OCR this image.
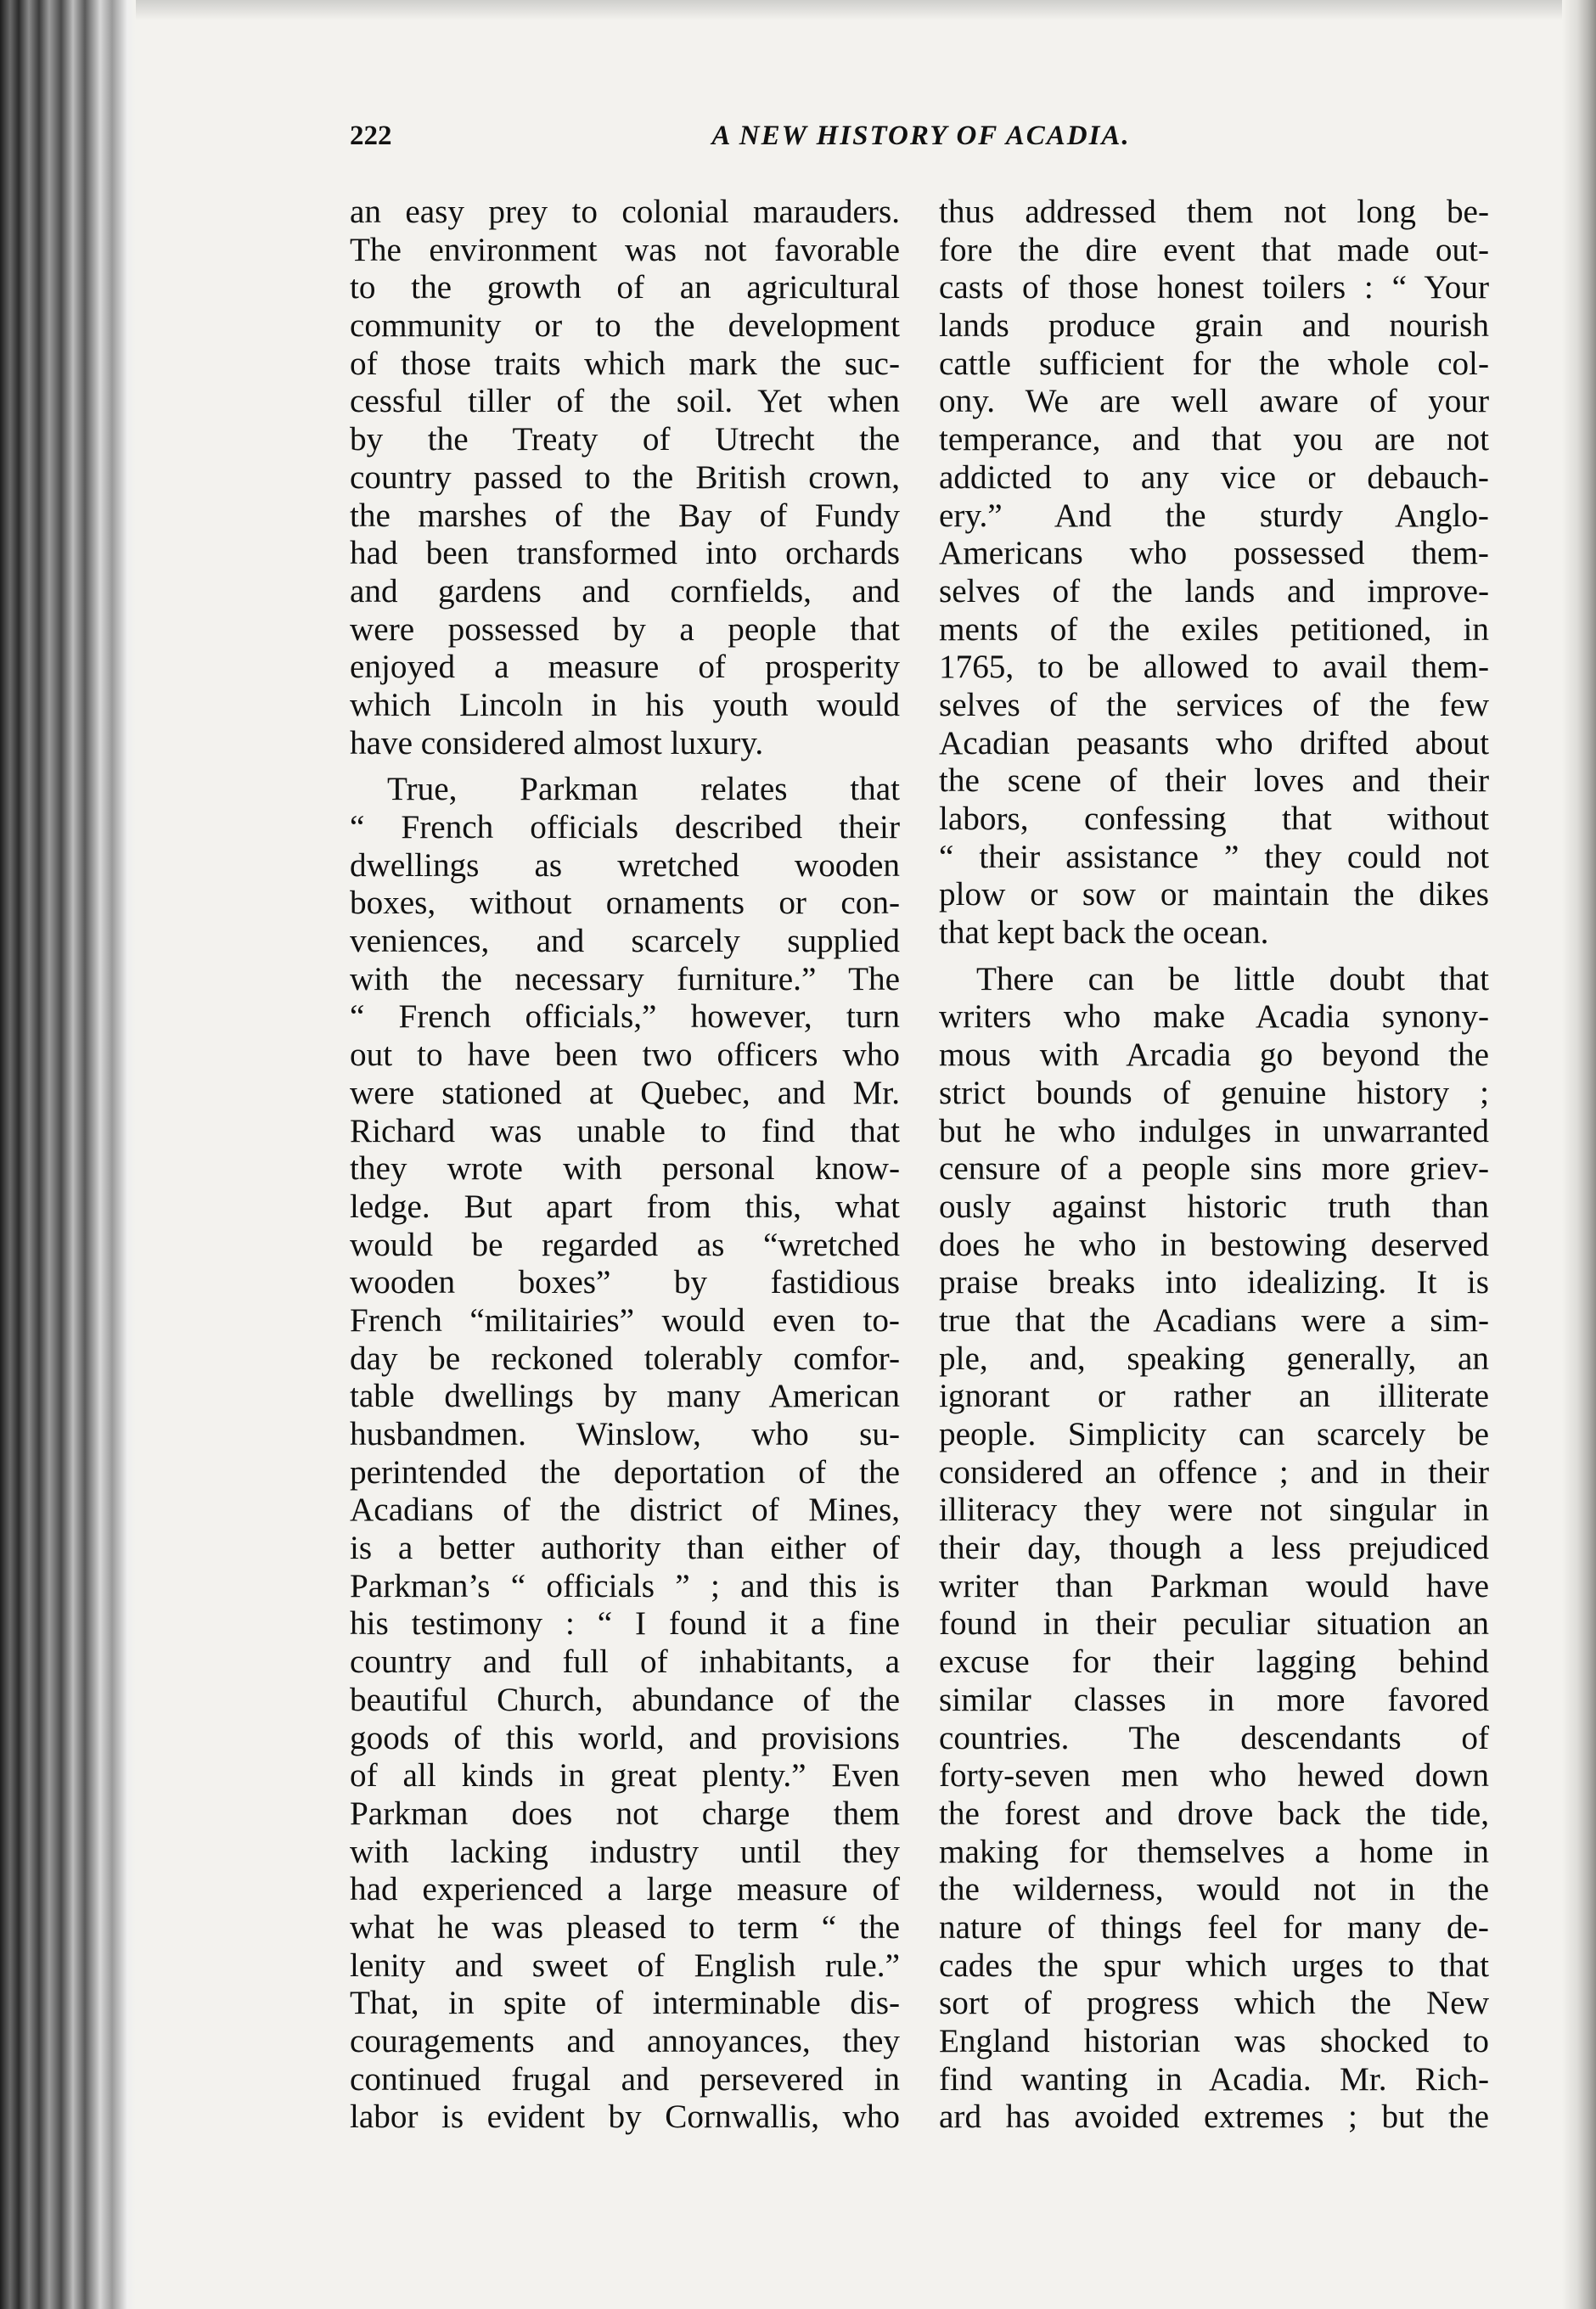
222	A NEW HISTORY OF ACADIA.
an easy prey to colonial marauders.
The environment was not favorable
to the growth of an agricultural
community or to the development
of those traits which mark the suc-
cessful tiller of the soil. Yet when
by the Treaty of Utrecht the
country passed to the British crown,
the marshes of the Bay of Fundy
had been transformed into orchards
and gardens and cornfields, and
were possessed by a people that
enjoyed a measure of prosperity
which Lincoln in his youth would
have considered almost luxury.
True, Parkman relates that
“ French officials described their
dwellings as wretched wooden
boxes, without ornaments or con-
veniences, and scarcely supplied
with the necessary furniture.” The
“ French officials,” however, turn
out to have been two officers who
were stationed at Quebec, and Mr.
Richard was unable to find that
they wrote with personal know-
ledge. But apart from this, what
would be regarded as “wretched
wooden boxes” by fastidious
French “militairies” would even to-
day be reckoned tolerably comfor-
table dwellings by many American
husbandmen. Winslow, who su-
perintended the deportation of the
Acadians of the district of Mines,
is a better authority than either of
Parkman’s “ officials ” ; and this is
his testimony : “ I found it a fine
country and full of inhabitants, a
beautiful Church, abundance of the
goods of this world, and provisions
of all kinds in great plenty.” Even
Parkman does not charge them
with lacking industry until they
had experienced a large measure of
what he was pleased to term “ the
lenity and sweet of English rule.”
That, in spite of interminable dis-
couragements and annoyances, they
continued frugal and persevered in
labor is evident by Cornwallis, who
thus addressed them not long be-
fore the dire event that made out-
casts of those honest toilers : “ Your
lands produce grain and nourish
cattle sufficient for the whole col-
ony. We are well aware of your
temperance, and that you are not
addicted to any vice or debauch-
ery.” And the sturdy Anglo-
Americans who possessed them-
selves of the lands and improve-
ments of the exiles petitioned, in
1765, to be allowed to avail them-
selves of the services of the few
Acadian peasants who drifted about
the scene of their loves and their
labors, confessing that without
“ their assistance ” they could not
plow or sow or maintain the dikes
that kept back the ocean.
There can be little doubt that
writers who make Acadia synony-
mous with Arcadia go beyond the
strict bounds of genuine history ;
but he who indulges in unwarranted
censure of a people sins more griev-
ously against historic truth than
does he who in bestowing deserved
praise breaks into idealizing. It is
true that the Acadians were a sim-
ple, and, speaking generally, an
ignorant or rather an illiterate
people. Simplicity can scarcely be
considered an offence ; and in their
illiteracy they were not singular in
their day, though a less prejudiced
writer than Parkman would have
found in their peculiar situation an
excuse for their lagging behind
similar classes in more favored
countries. The descendants of
forty-seven men who hewed down
the forest and drove back the tide,
making for themselves a home in
the wilderness, would not in the
nature of things feel for many de-
cades the spur which urges to that
sort of progress which the New
England historian was shocked to
find wanting in Acadia. Mr. Rich-
ard has avoided extremes ; but the
